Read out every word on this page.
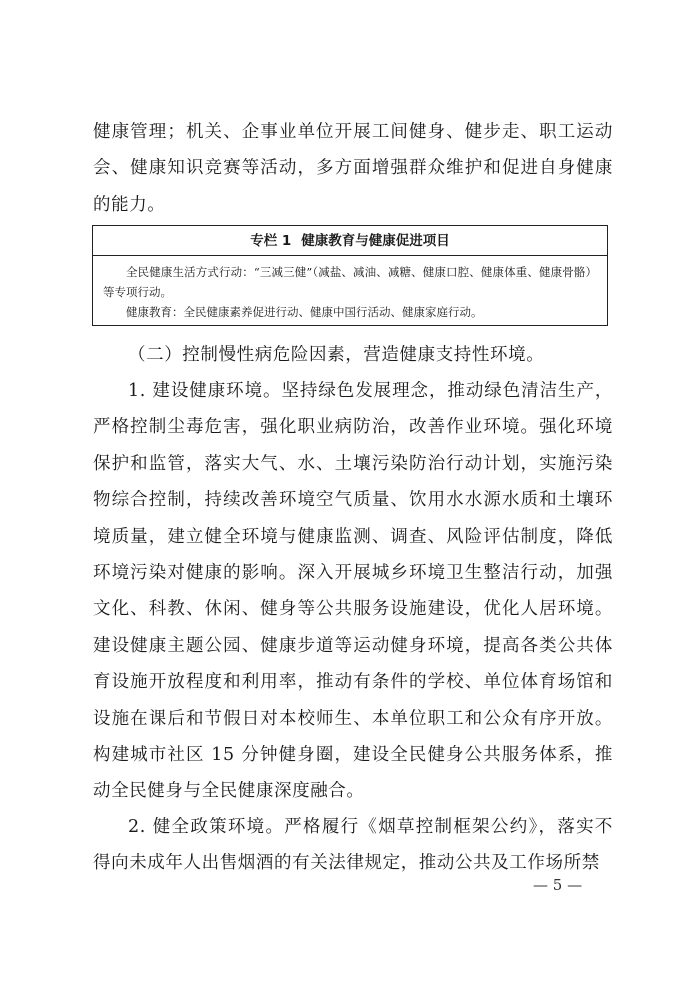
健康管理；机关、企事业单位开展工间健身、健步走、职工运动会、健康知识竞赛等活动，多方面增强群众维护和促进自身健康的能力。
专栏 1 健康教育与健康促进项目

全民健康生活方式行动：“三减三健”（减盐、减油、减糖、健康口腔、健康体重、健康骨骼）等专项行动。

健康教育：全民健康素养促进行动、健康中国行活动、健康家庭行动。

（二）控制慢性病危险因素，营造健康支持性环境。
1. 建设健康环境。坚持绿色发展理念，推动绿色清洁生产，严格控制尘毒危害，强化职业病防治，改善作业环境。强化环境保护和监管，落实大气、水、土壤污染防治行动计划，实施污染物综合控制，持续改善环境空气质量、饮用水水源水质和土壤环境质量，建立健全环境与健康监测、调查、风险评估制度，降低环境污染对健康的影响。深入开展城乡环境卫生整洁行动，加强文化、科教、休闲、健身等公共服务设施建设，优化人居环境。建设健康主题公园、健康步道等运动健身环境，提高各类公共体育设施开放程度和利用率，推动有条件的学校、单位体育场馆和设施在课后和节假日对本校师生、本单位职工和公众有序开放。构建城市社区 15 分钟健身圈，建设全民健身公共服务体系，推动全民健身与全民健康深度融合。
2. 健全政策环境。严格履行《烟草控制框架公约》，落实不得向未成年人出售烟酒的有关法律规定，推动公共及工作场所禁
— 5 —
